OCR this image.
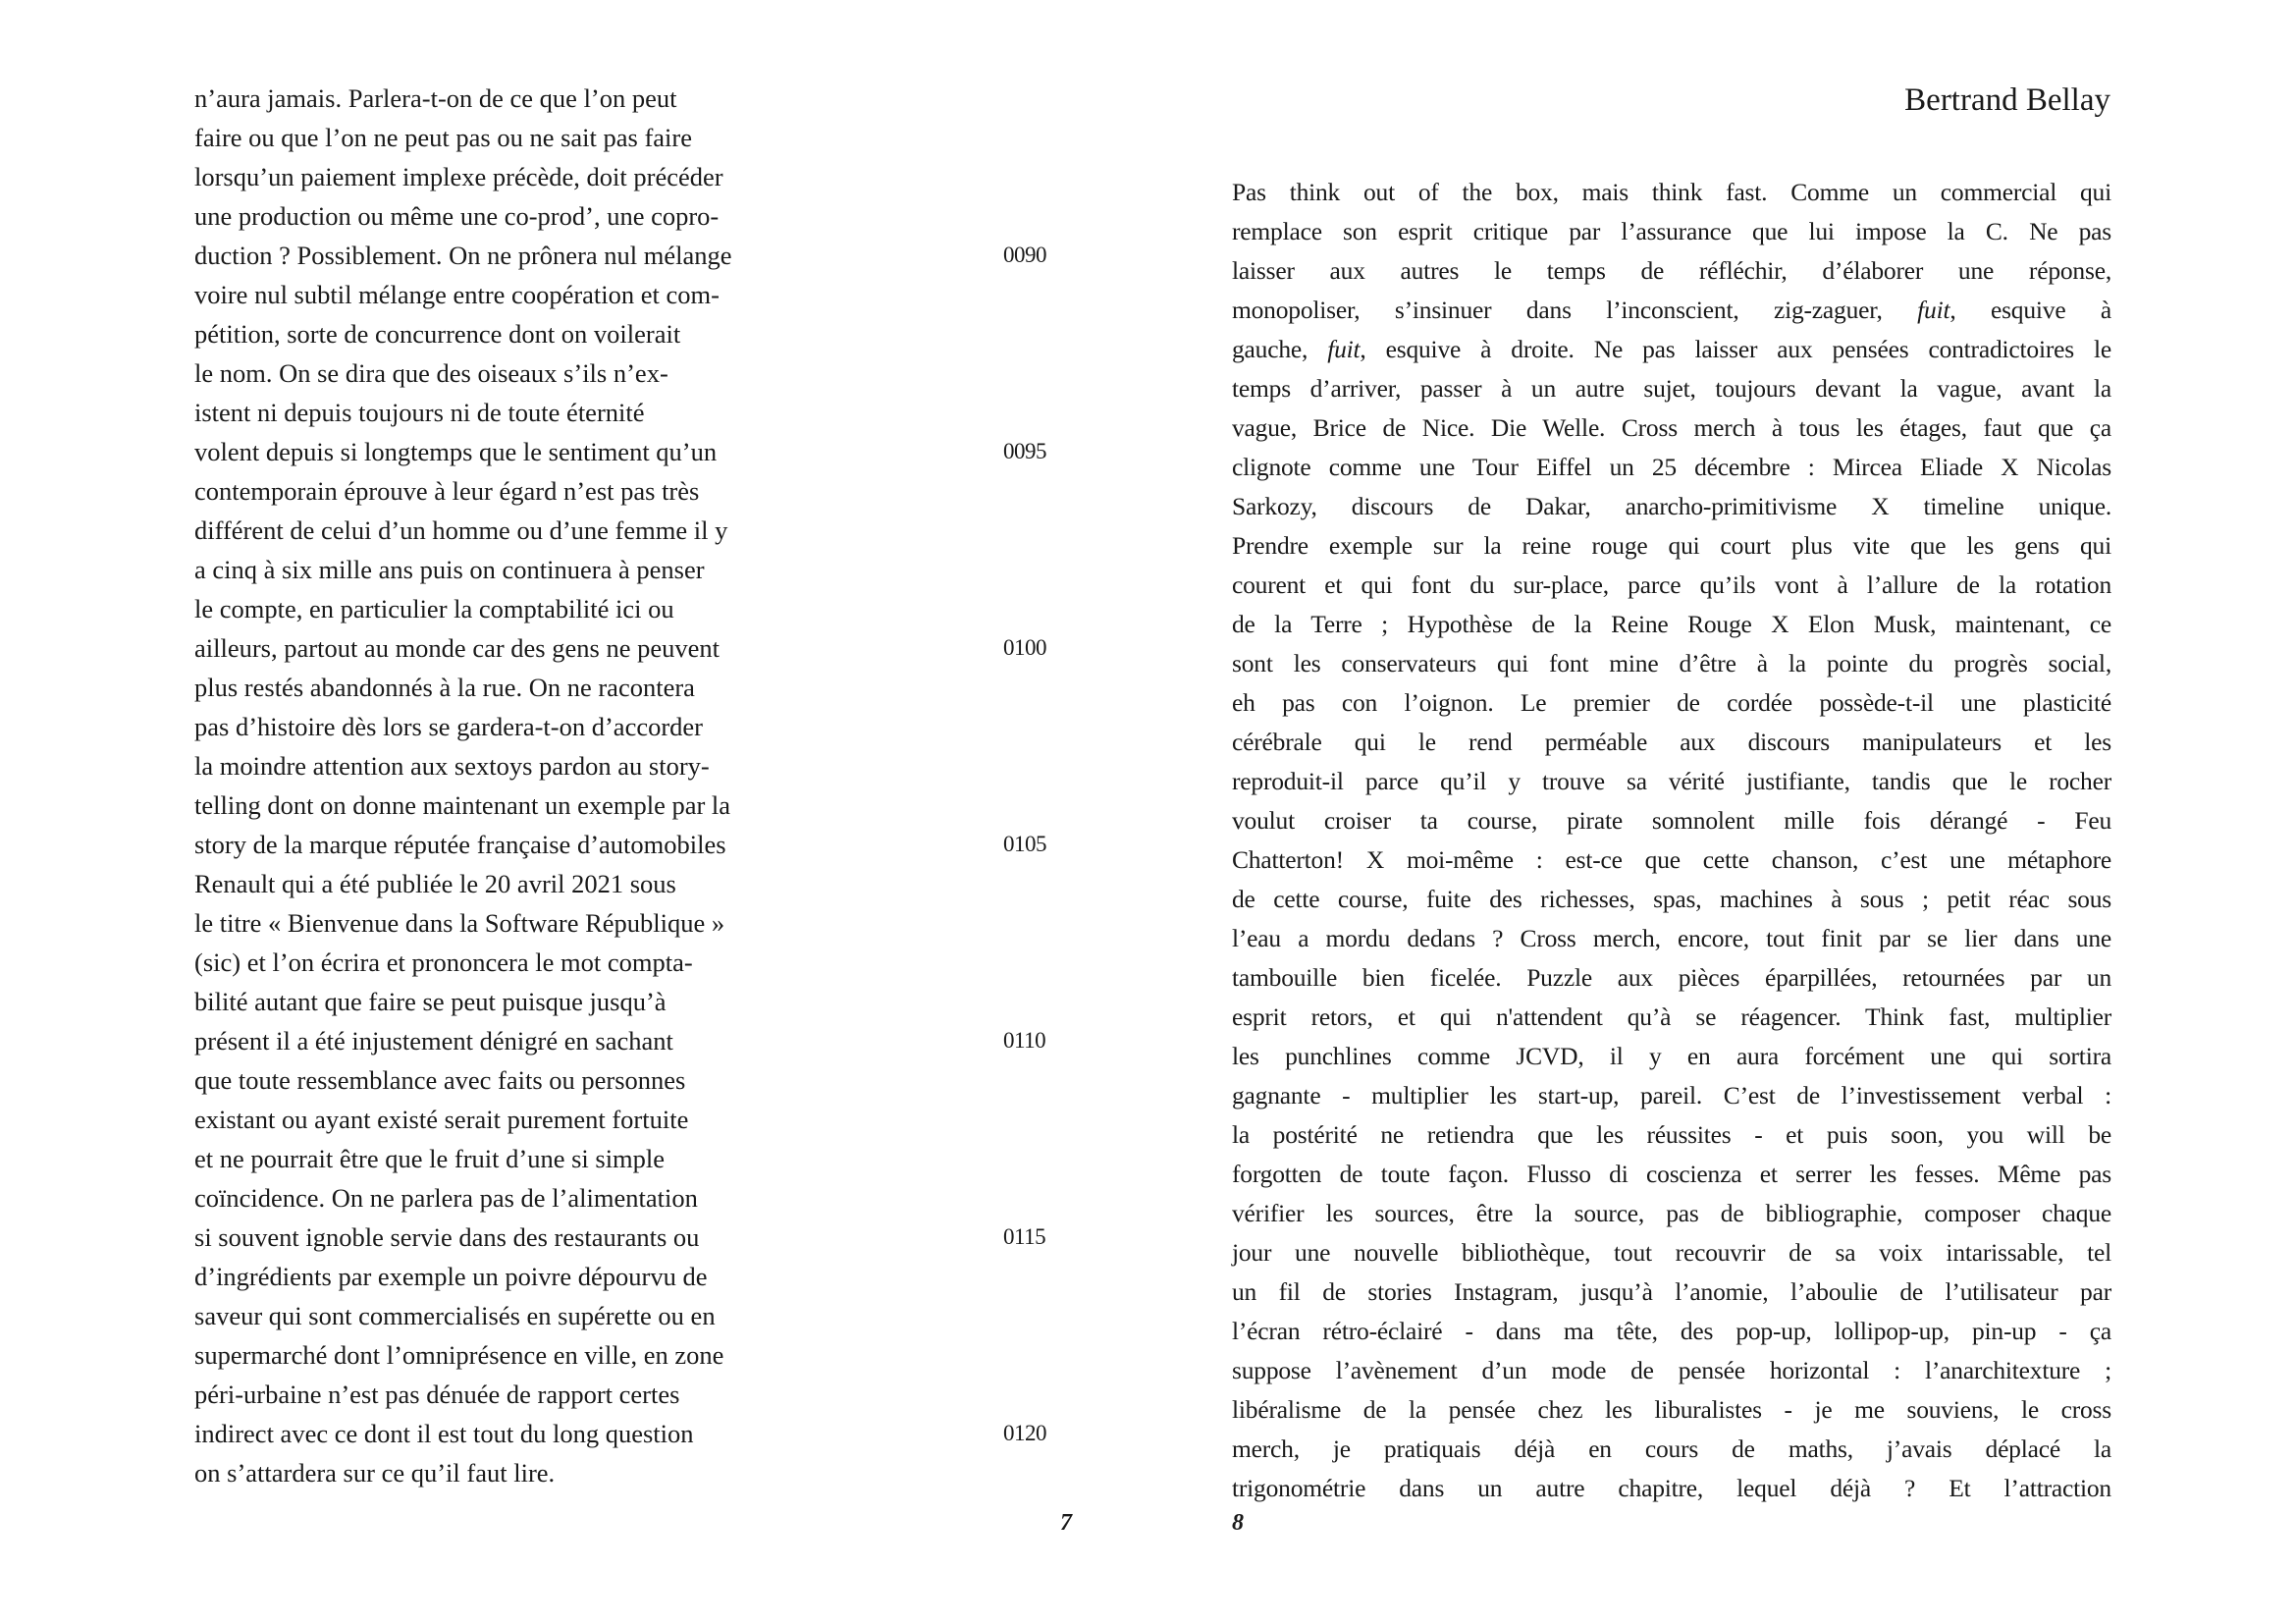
n’aura jamais. Parlera-t-on de ce que l’on peut
faire ou que l’on ne peut pas ou ne sait pas faire
lorsqu’un paiement implexe précède, doit précéder
une production ou même une co-prod’, une copro-
duction ? Possiblement. On ne prônera nul mélange
voire nul subtil mélange entre coopération et com-
pétition, sorte de concurrence dont on voilerait
le nom. On se dira que des oiseaux s’ils n’ex-
istent ni depuis toujours ni de toute éternité
volent depuis si longtemps que le sentiment qu’un
contemporain éprouve à leur égard n’est pas très
différent de celui d’un homme ou d’une femme il y
a cinq à six mille ans puis on continuera à penser
le compte, en particulier la comptabilité ici ou
ailleurs, partout au monde car des gens ne peuvent
plus restés abandonnés à la rue. On ne racontera
pas d’histoire dès lors se gardera-t-on d’accorder
la moindre attention aux sextoys pardon au story-
telling dont on donne maintenant un exemple par la
story de la marque réputée française d’automobiles
Renault qui a été publiée le 20 avril 2021 sous
le titre « Bienvenue dans la Software République »
(sic) et l’on écrira et prononcera le mot compta-
bilité autant que faire se peut puisque jusqu’à
présent il a été injustement dénigré en sachant
que toute ressemblance avec faits ou personnes
existant ou ayant existé serait purement fortuite
et ne pourrait être que le fruit d’une si simple
coïncidence. On ne parlera pas de l’alimentation
si souvent ignoble servie dans des restaurants ou
d’ingrédients par exemple un poivre dépourvu de
saveur qui sont commercialisés en supérette ou en
supermarché dont l’omniprésence en ville, en zone
péri-urbaine n’est pas dénuée de rapport certes
indirect avec ce dont il est tout du long question
on s’attardera sur ce qu’il faut lire.
0090
0095
0100
0105
0110
0115
0120
7
Bertrand Bellay
Pas think out of the box, mais think fast. Comme un commercial qui
remplace son esprit critique par l’assurance que lui impose la C. Ne pas
laisser aux autres le temps de réfléchir, d’élaborer une réponse,
monopoliser, s’insinuer dans l’inconscient, zig-zaguer, fuit, esquive à
gauche, fuit, esquive à droite. Ne pas laisser aux pensées contradictoires le
temps d’arriver, passer à un autre sujet, toujours devant la vague, avant la
vague, Brice de Nice. Die Welle. Cross merch à tous les étages, faut que ça
clignote comme une Tour Eiffel un 25 décembre : Mircea Eliade X Nicolas
Sarkozy, discours de Dakar, anarcho-primitivisme X timeline unique.
Prendre exemple sur la reine rouge qui court plus vite que les gens qui
courent et qui font du sur-place, parce qu’ils vont à l’allure de la rotation
de la Terre ; Hypothèse de la Reine Rouge X Elon Musk, maintenant, ce
sont les conservateurs qui font mine d’être à la pointe du progrès social,
eh pas con l’oignon. Le premier de cordée possède-t-il une plasticité
cérébrale qui le rend perméable aux discours manipulateurs et les
reproduit-il parce qu’il y trouve sa vérité justifiante, tandis que le rocher
voulut croiser ta course, pirate somnolent mille fois dérangé - Feu
Chatterton! X moi-même : est-ce que cette chanson, c’est une métaphore
de cette course, fuite des richesses, spas, machines à sous ; petit réac sous
l’eau a mordu dedans ? Cross merch, encore, tout finit par se lier dans une
tambouille bien ficelée. Puzzle aux pièces éparpillées, retournées par un
esprit retors, et qui n'attendent qu’à se réagencer. Think fast, multiplier
les punchlines comme JCVD, il y en aura forcément une qui sortira
gagnante - multiplier les start-up, pareil. C’est de l’investissement verbal :
la postérité ne retiendra que les réussites - et puis soon, you will be
forgotten de toute façon. Flusso di coscienza et serrer les fesses. Même pas
vérifier les sources, être la source, pas de bibliographie, composer chaque
jour une nouvelle bibliothèque, tout recouvrir de sa voix intarissable, tel
un fil de stories Instagram, jusqu’à l’anomie, l’aboulie de l’utilisateur par
l’écran rétro-éclairé - dans ma tête, des pop-up, lollipop-up, pin-up - ça
suppose l’avènement d’un mode de pensée horizontal : l’anarchitexture ;
libéralisme de la pensée chez les liburalistes - je me souviens, le cross
merch, je pratiquais déjà en cours de maths, j’avais déplacé la
trigonométrie dans un autre chapitre, lequel déjà ? Et l’attraction
8
